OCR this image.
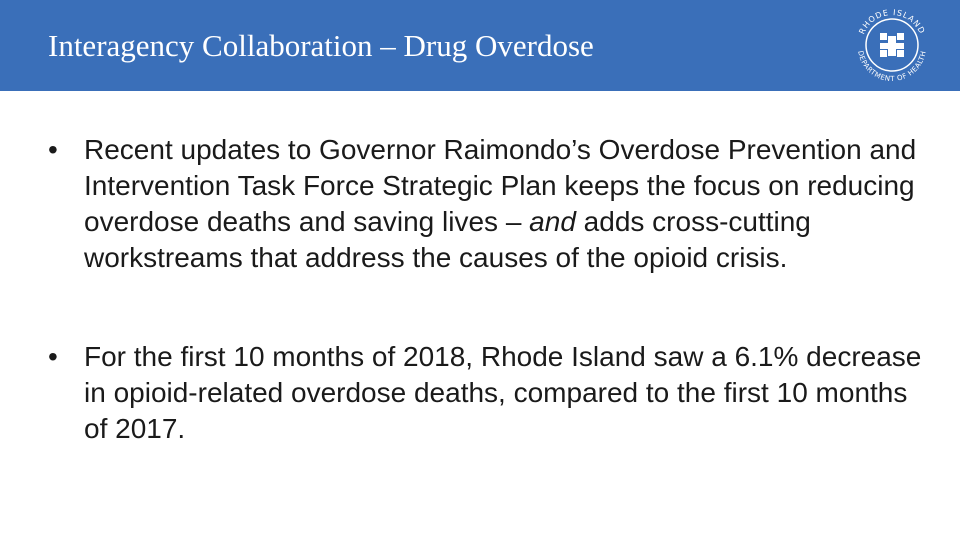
Interagency Collaboration – Drug Overdose	RHODE ISLAND
DEPARTMENT OF HEALTH
• Recent updates to Governor Raimondo’s Overdose Prevention and Intervention Task Force Strategic Plan keeps the focus on reducing overdose deaths and saving lives – and adds cross-cutting workstreams that address the causes of the opioid crisis.
• For the first 10 months of 2018, Rhode Island saw a 6.1% decrease in opioid-related overdose deaths, compared to the first 10 months of 2017.
